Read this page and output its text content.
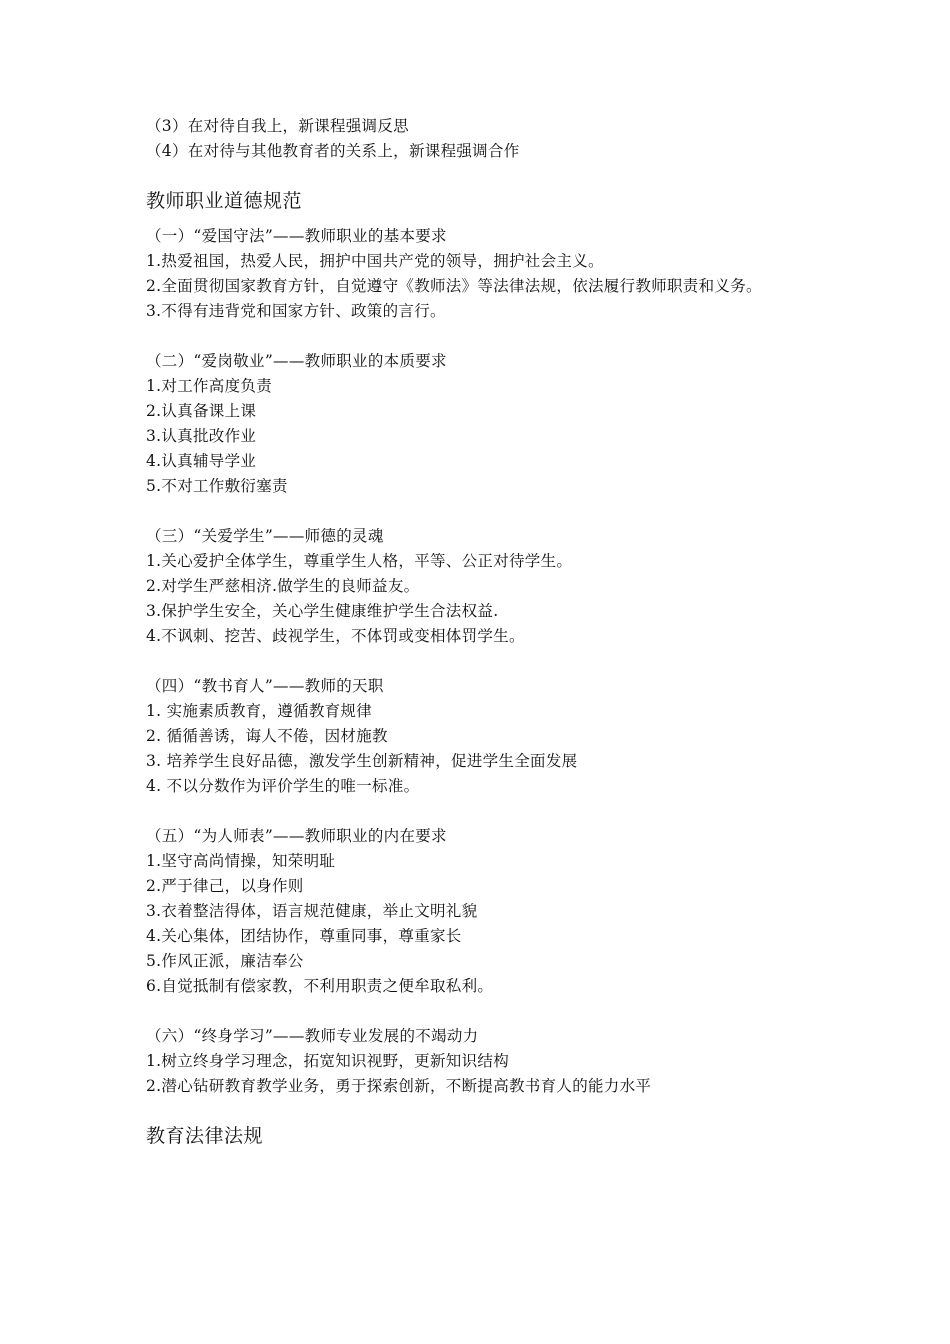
（3）在对待自我上，新课程强调反思
（4）在对待与其他教育者的关系上，新课程强调合作
教师职业道德规范
（一）“爱国守法”——教师职业的基本要求
1.热爱祖国，热爱人民，拥护中国共产党的领导，拥护社会主义。
2.全面贯彻国家教育方针，自觉遵守《教师法》等法律法规，依法履行教师职责和义务。
3.不得有违背党和国家方针、政策的言行。
（二）“爱岗敬业”——教师职业的本质要求
1.对工作高度负责
2.认真备课上课
3.认真批改作业
4.认真辅导学业
5.不对工作敷衍塞责
（三）“关爱学生”——师德的灵魂
1.关心爱护全体学生，尊重学生人格，平等、公正对待学生。
2.对学生严慈相济.做学生的良师益友。
3.保护学生安全，关心学生健康维护学生合法权益.
4.不讽刺、挖苦、歧视学生，不体罚或变相体罚学生。
（四）“教书育人”——教师的天职
1. 实施素质教育，遵循教育规律
2. 循循善诱，诲人不倦，因材施教
3. 培养学生良好品德，激发学生创新精神，促进学生全面发展
4. 不以分数作为评价学生的唯一标准。
（五）“为人师表”——教师职业的内在要求
1.坚守高尚情操，知荣明耻
2.严于律己，以身作则
3.衣着整洁得体，语言规范健康，举止文明礼貌
4.关心集体，团结协作，尊重同事，尊重家长
5.作风正派，廉洁奉公
6.自觉抵制有偿家教，不利用职责之便牟取私利。
（六）“终身学习”——教师专业发展的不竭动力
1.树立终身学习理念，拓宽知识视野，更新知识结构
2.潜心钻研教育教学业务，勇于探索创新，不断提高教书育人的能力水平
教育法律法规
